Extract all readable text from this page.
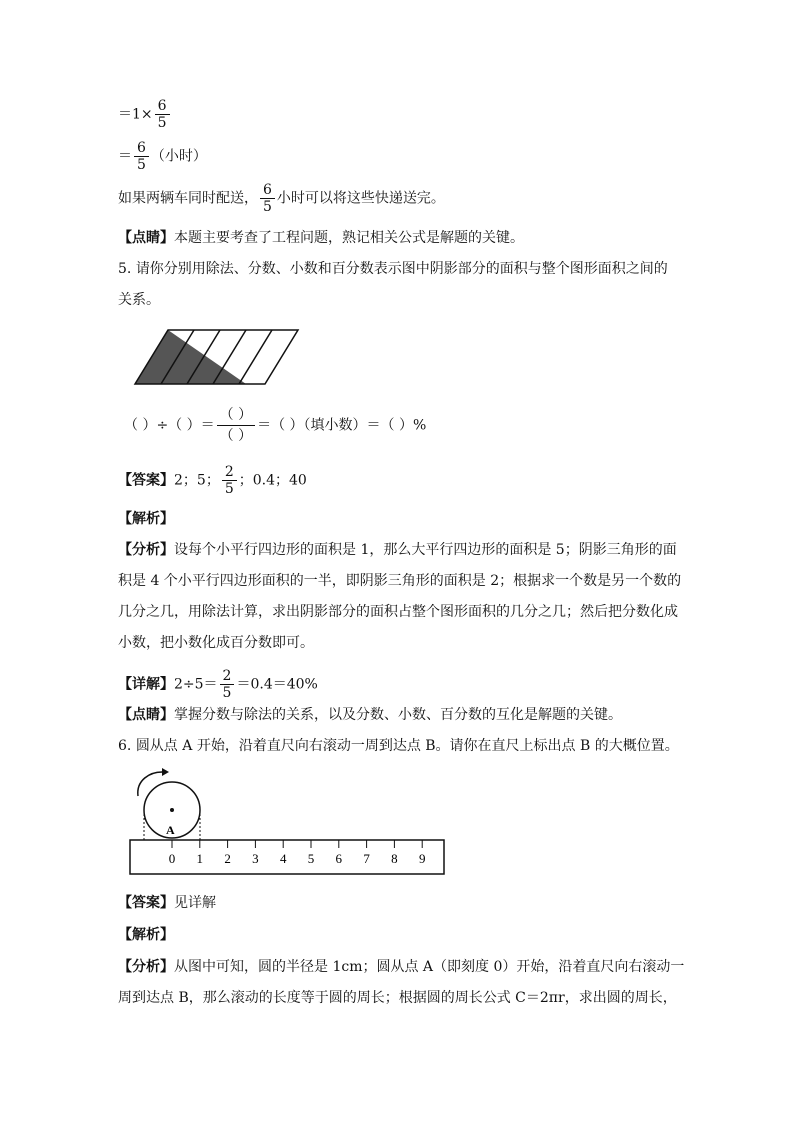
$=1\times \frac{6}{5}$
＝ $\frac{6}{5}$ （小时）
如果两辆车同时配送， $\frac{6}{5}$ 小时可以将这些快递送完。
【点睛】本题主要考查了工程问题，熟记相关公式是解题的关键。
5. 请你分别用除法、分数、小数和百分数表示图中阴影部分的面积与整个图形面积之间的
关系。
（ ）÷（ ）＝ $\frac{( )}{( )}$ ＝（ ）（填小数）＝（ ）%
【答案】2；5； $\frac{2}{5}$ ；0.4；40
【解析】
【分析】设每个小平行四边形的面积是 1，那么大平行四边形的面积是 5；阴影三角形的面
积是 4 个小平行四边形面积的一半，即阴影三角形的面积是 2；根据求一个数是另一个数的
几分之几，用除法计算，求出阴影部分的面积占整个图形面积的几分之几；然后把分数化成
小数，把小数化成百分数即可。
【详解】$2\div 5= \frac{2}{5} =0.4=40\%$
【点睛】掌握分数与除法的关系，以及分数、小数、百分数的互化是解题的关键。
6. 圆从点 A 开始，沿着直尺向右滚动一周到达点 B。请你在直尺上标出点 B 的大概位置。
A
0 1 2 3 4 5 6 7 8 9
【答案】见详解
【解析】
【分析】从图中可知，圆的半径是 1cm；圆从点 A（即刻度 0）开始，沿着直尺向右滚动一
周到达点 B，那么滚动的长度等于圆的周长；根据圆的周长公式 C＝2πr，求出圆的周长，
